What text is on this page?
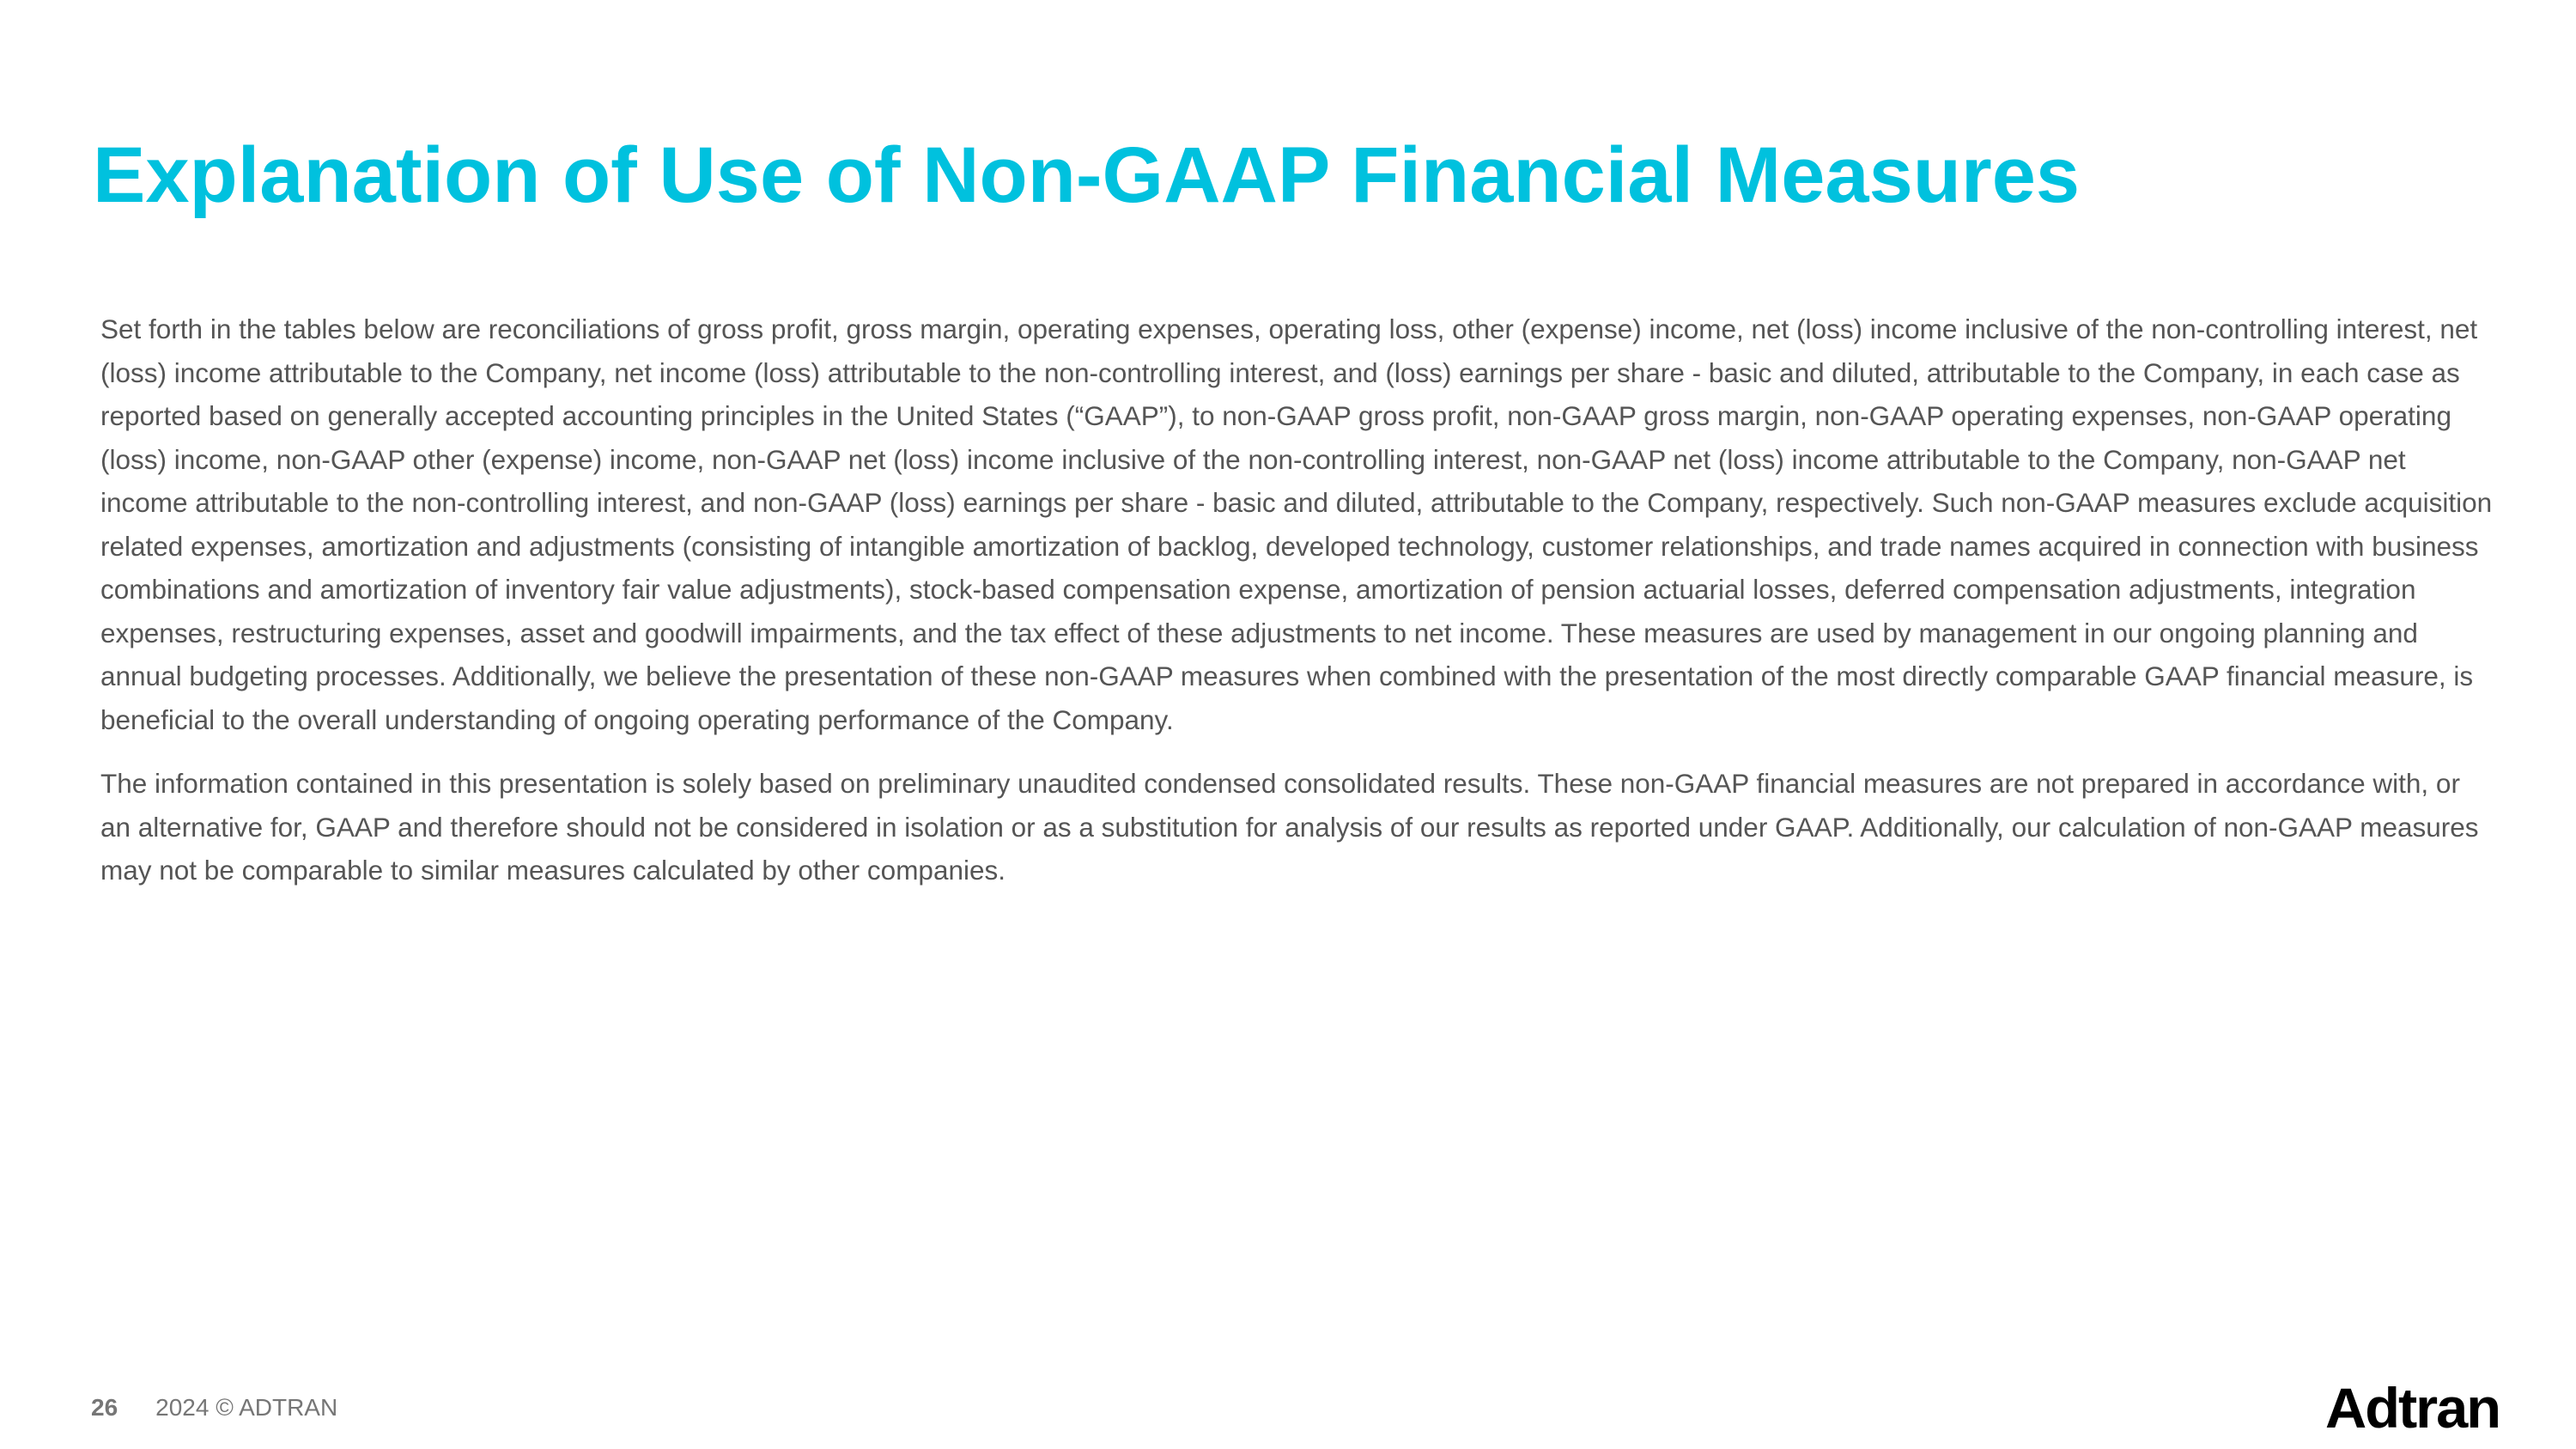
Explanation of Use of Non-GAAP Financial Measures

Set forth in the tables below are reconciliations of gross profit, gross margin, operating expenses, operating loss, other (expense) income, net (loss) income inclusive of the non-controlling interest, net (loss) income attributable to the Company, net income (loss) attributable to the non-controlling interest, and (loss) earnings per share - basic and diluted, attributable to the Company, in each case as reported based on generally accepted accounting principles in the United States (“GAAP”), to non-GAAP gross profit, non-GAAP gross margin, non-GAAP operating expenses, non-GAAP operating (loss) income, non-GAAP other (expense) income, non-GAAP net (loss) income inclusive of the non-controlling interest, non-GAAP net (loss) income attributable to the Company, non-GAAP net income attributable to the non-controlling interest, and non-GAAP (loss) earnings per share - basic and diluted, attributable to the Company, respectively. Such non-GAAP measures exclude acquisition related expenses, amortization and adjustments (consisting of intangible amortization of backlog, developed technology, customer relationships, and trade names acquired in connection with business combinations and amortization of inventory fair value adjustments), stock-based compensation expense, amortization of pension actuarial losses, deferred compensation adjustments, integration expenses, restructuring expenses, asset and goodwill impairments, and the tax effect of these adjustments to net income. These measures are used by management in our ongoing planning and annual budgeting processes. Additionally, we believe the presentation of these non-GAAP measures when combined with the presentation of the most directly comparable GAAP financial measure, is beneficial to the overall understanding of ongoing operating performance of the Company.

The information contained in this presentation is solely based on preliminary unaudited condensed consolidated results. These non-GAAP financial measures are not prepared in accordance with, or an alternative for, GAAP and therefore should not be considered in isolation or as a substitution for analysis of our results as reported under GAAP. Additionally, our calculation of non-GAAP measures may not be comparable to similar measures calculated by other companies.

26 2024 © ADTRAN	Adtran
